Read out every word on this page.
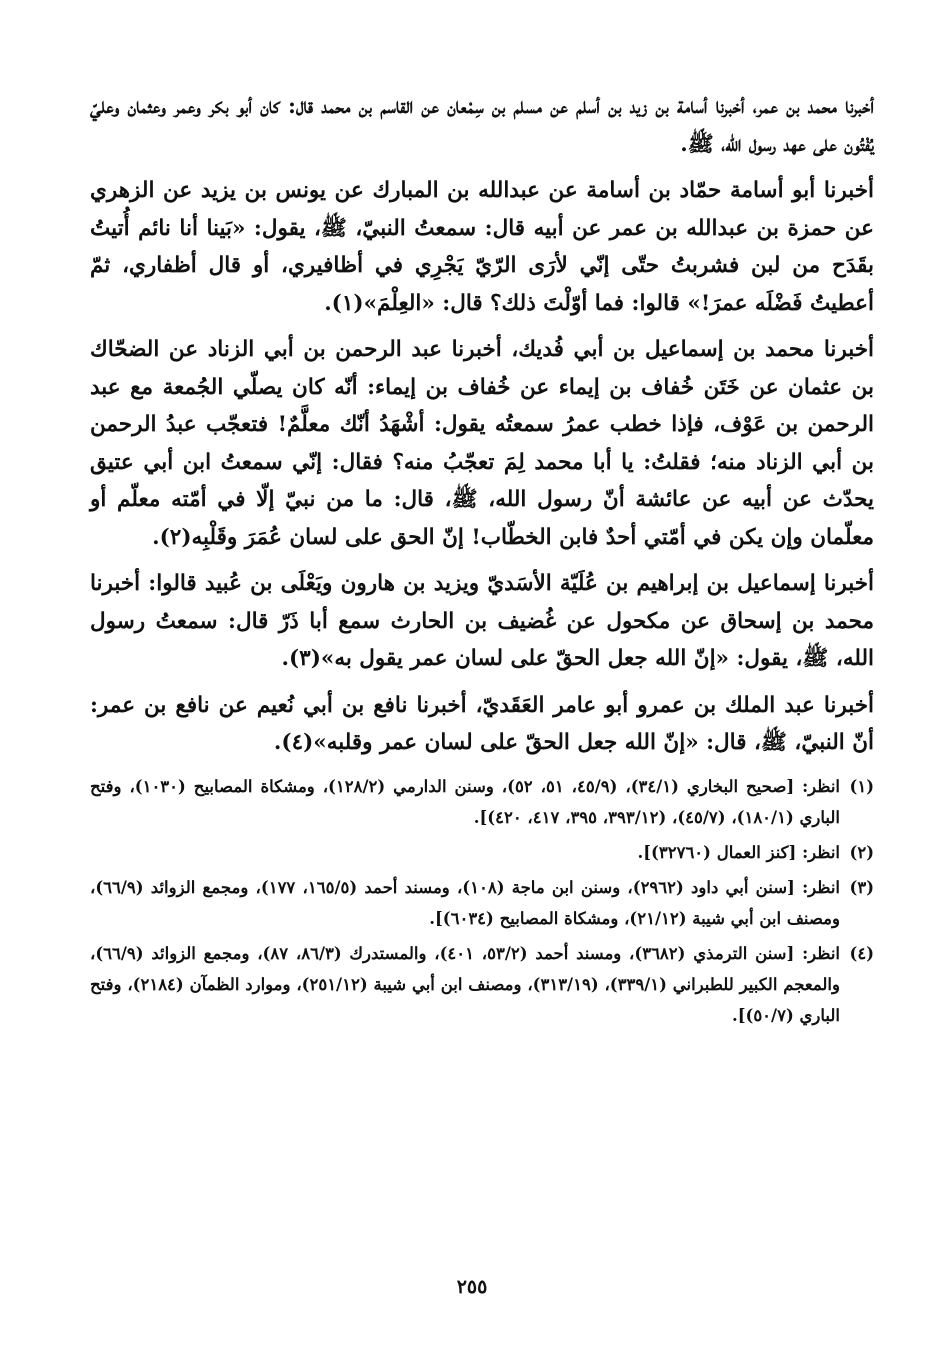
أخبرنا محمد بن عمر، أخبرنا أسامة بن زيد بن أسلم عن مسلم بن سِمْعان عن القاسم بن محمد قال: كان أبو بكر وعمر وعثمان وعليّ يُفْتُون على عهد رسول الله، ﷺ.

أخبرنا أبو أسامة حمّاد بن أسامة عن عبدالله بن المبارك عن يونس بن يزيد عن الزهري عن حمزة بن عبدالله بن عمر عن أبيه قال: سمعتُ النبيّ، ﷺ، يقول: «بَينا أنا نائم أُتيتُ بقَدَح من لبن فشربتُ حتّى إنّي لأرَى الرّيّ يَجْرِي في أظافيري، أو قال أظفاري، ثمّ أعطيتُ فَضْلَه عمرَ!» قالوا: فما أوّلْتَ ذلك؟ قال: «العِلْمَ»(١).

أخبرنا محمد بن إسماعيل بن أبي فُديك، أخبرنا عبد الرحمن بن أبي الزناد عن الضحّاك بن عثمان عن خَتَن خُفاف بن إيماء عن خُفاف بن إيماء: أنّه كان يصلّي الجُمعة مع عبد الرحمن بن عَوْف، فإذا خطب عمرُ سمعتُه يقول: أشْهَدُ أنّك معلَّمٌ! فتعجّب عبدُ الرحمن بن أبي الزناد منه؛ فقلتُ: يا أبا محمد لِمَ تعجّبُ منه؟ فقال: إنّي سمعتُ ابن أبي عتيق يحدّث عن أبيه عن عائشة أنّ رسول الله، ﷺ، قال: ما من نبيّ إلّا في أمّته معلّم أو معلّمان وإن يكن في أمّتي أحدٌ فابن الخطّاب! إنّ الحق على لسان عُمَرَ وقَلْبِه(٢).

أخبرنا إسماعيل بن إبراهيم بن عُلَيّة الأسَديّ ويزيد بن هارون ويَعْلَى بن عُبيد قالوا: أخبرنا محمد بن إسحاق عن مكحول عن غُضيف بن الحارث سمع أبا ذَرّ قال: سمعتُ رسول الله، ﷺ، يقول: «إنّ الله جعل الحقّ على لسان عمر يقول به»(٣).

أخبرنا عبد الملك بن عمرو أبو عامر العَقَديّ، أخبرنا نافع بن أبي نُعيم عن نافع بن عمر: أنّ النبيّ، ﷺ، قال: «إنّ الله جعل الحقّ على لسان عمر وقلبه»(٤).

(١)
انظر: [صحيح البخاري (٣٤/١)، (٤٥/٩، ٥١، ٥٢)، وسنن الدارمي (١٢٨/٢)، ومشكاة المصابيح (١٠٣٠)، وفتح الباري (١٨٠/١)، (٤٥/٧)، (٣٩٣/١٢، ٣٩٥، ٤١٧، ٤٢٠)].

(٢)
انظر: [كنز العمال (٣٢٧٦٠)].

(٣)
انظر: [سنن أبي داود (٢٩٦٢)، وسنن ابن ماجة (١٠٨)، ومسند أحمد (١٦٥/٥، ١٧٧)، ومجمع الزوائد (٦٦/٩)، ومصنف ابن أبي شيبة (٢١/١٢)، ومشكاة المصابيح (٦٠٣٤)].

(٤)
انظر: [سنن الترمذي (٣٦٨٢)، ومسند أحمد (٥٣/٢، ٤٠١)، والمستدرك (٨٦/٣، ٨٧)، ومجمع الزوائد (٦٦/٩)، والمعجم الكبير للطبراني (٣٣٩/١)، (٣١٣/١٩)، ومصنف ابن أبي شيبة (٢٥١/١٢)، وموارد الظمآن (٢١٨٤)، وفتح الباري (٥٠/٧)].

٢٥٥
